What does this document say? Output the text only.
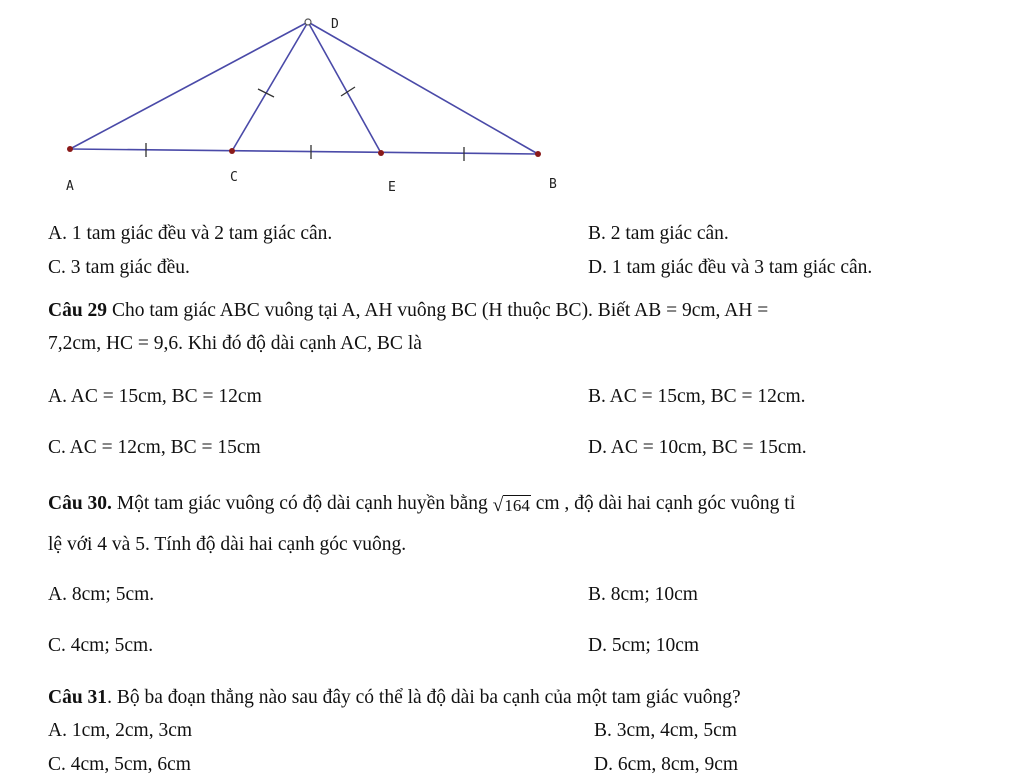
D
A
C
E	B
A. 1 tam giác đều và 2 tam giác cân.	B. 2 tam giác cân.
C. 3 tam giác đều.	D. 1 tam giác đều và 3 tam giác cân.
Câu 29 Cho tam giác ABC vuông tại A, AH vuông BC (H thuộc BC). Biết AB = 9cm, AH =
7,2cm, HC = 9,6. Khi đó độ dài cạnh AC, BC là
A. AC = 15cm, BC = 12cm	B. AC = 15cm, BC = 12cm.
C. AC = 12cm, BC = 15cm	D. AC = 10cm, BC = 15cm.
Câu 30. Một tam giác vuông có độ dài cạnh huyền bằng √164 cm , độ dài hai cạnh góc vuông tỉ
lệ với 4 và 5. Tính độ dài hai cạnh góc vuông.
A. 8cm; 5cm.	B. 8cm; 10cm
C. 4cm; 5cm.	D. 5cm; 10cm
Câu 31. Bộ ba đoạn thẳng nào sau đây có thể là độ dài ba cạnh của một tam giác vuông?
A. 1cm, 2cm, 3cm	B. 3cm, 4cm, 5cm
C. 4cm, 5cm, 6cm	D. 6cm, 8cm, 9cm
